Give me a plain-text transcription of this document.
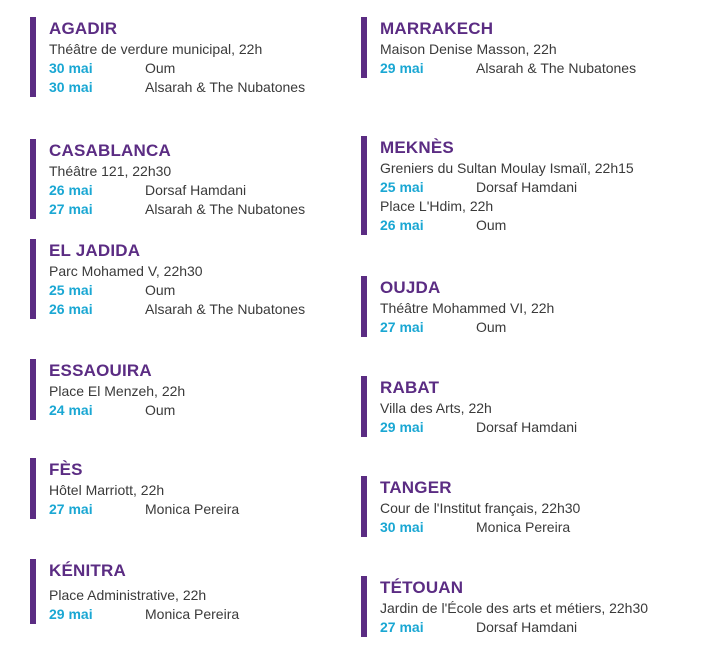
AGADIR
Théâtre de verdure municipal, 22h
30 mai	Oum
30 mai	Alsarah & The Nubatones
CASABLANCA
Théâtre 121, 22h30
26 mai	Dorsaf Hamdani
27 mai	Alsarah & The Nubatones
EL JADIDA
Parc Mohamed V, 22h30
25 mai	Oum
26 mai	Alsarah & The Nubatones
ESSAOUIRA
Place El Menzeh, 22h
24 mai	Oum
FÈS
Hôtel Marriott, 22h
27 mai	Monica Pereira
KÉNITRA
Place Administrative, 22h
29 mai	Monica Pereira
MARRAKECH
Maison Denise Masson, 22h
29 mai	Alsarah & The Nubatones
MEKNÈS
Greniers du Sultan Moulay Ismaïl, 22h15
25 mai	Dorsaf Hamdani
Place L'Hdim, 22h
26 mai	Oum
OUJDA
Théâtre Mohammed VI, 22h
27 mai	Oum
RABAT
Villa des Arts, 22h
29 mai	Dorsaf Hamdani
TANGER
Cour de l'Institut français, 22h30
30 mai	Monica Pereira
TÉTOUAN
Jardin de l'École des arts et métiers, 22h30
27 mai	Dorsaf Hamdani
